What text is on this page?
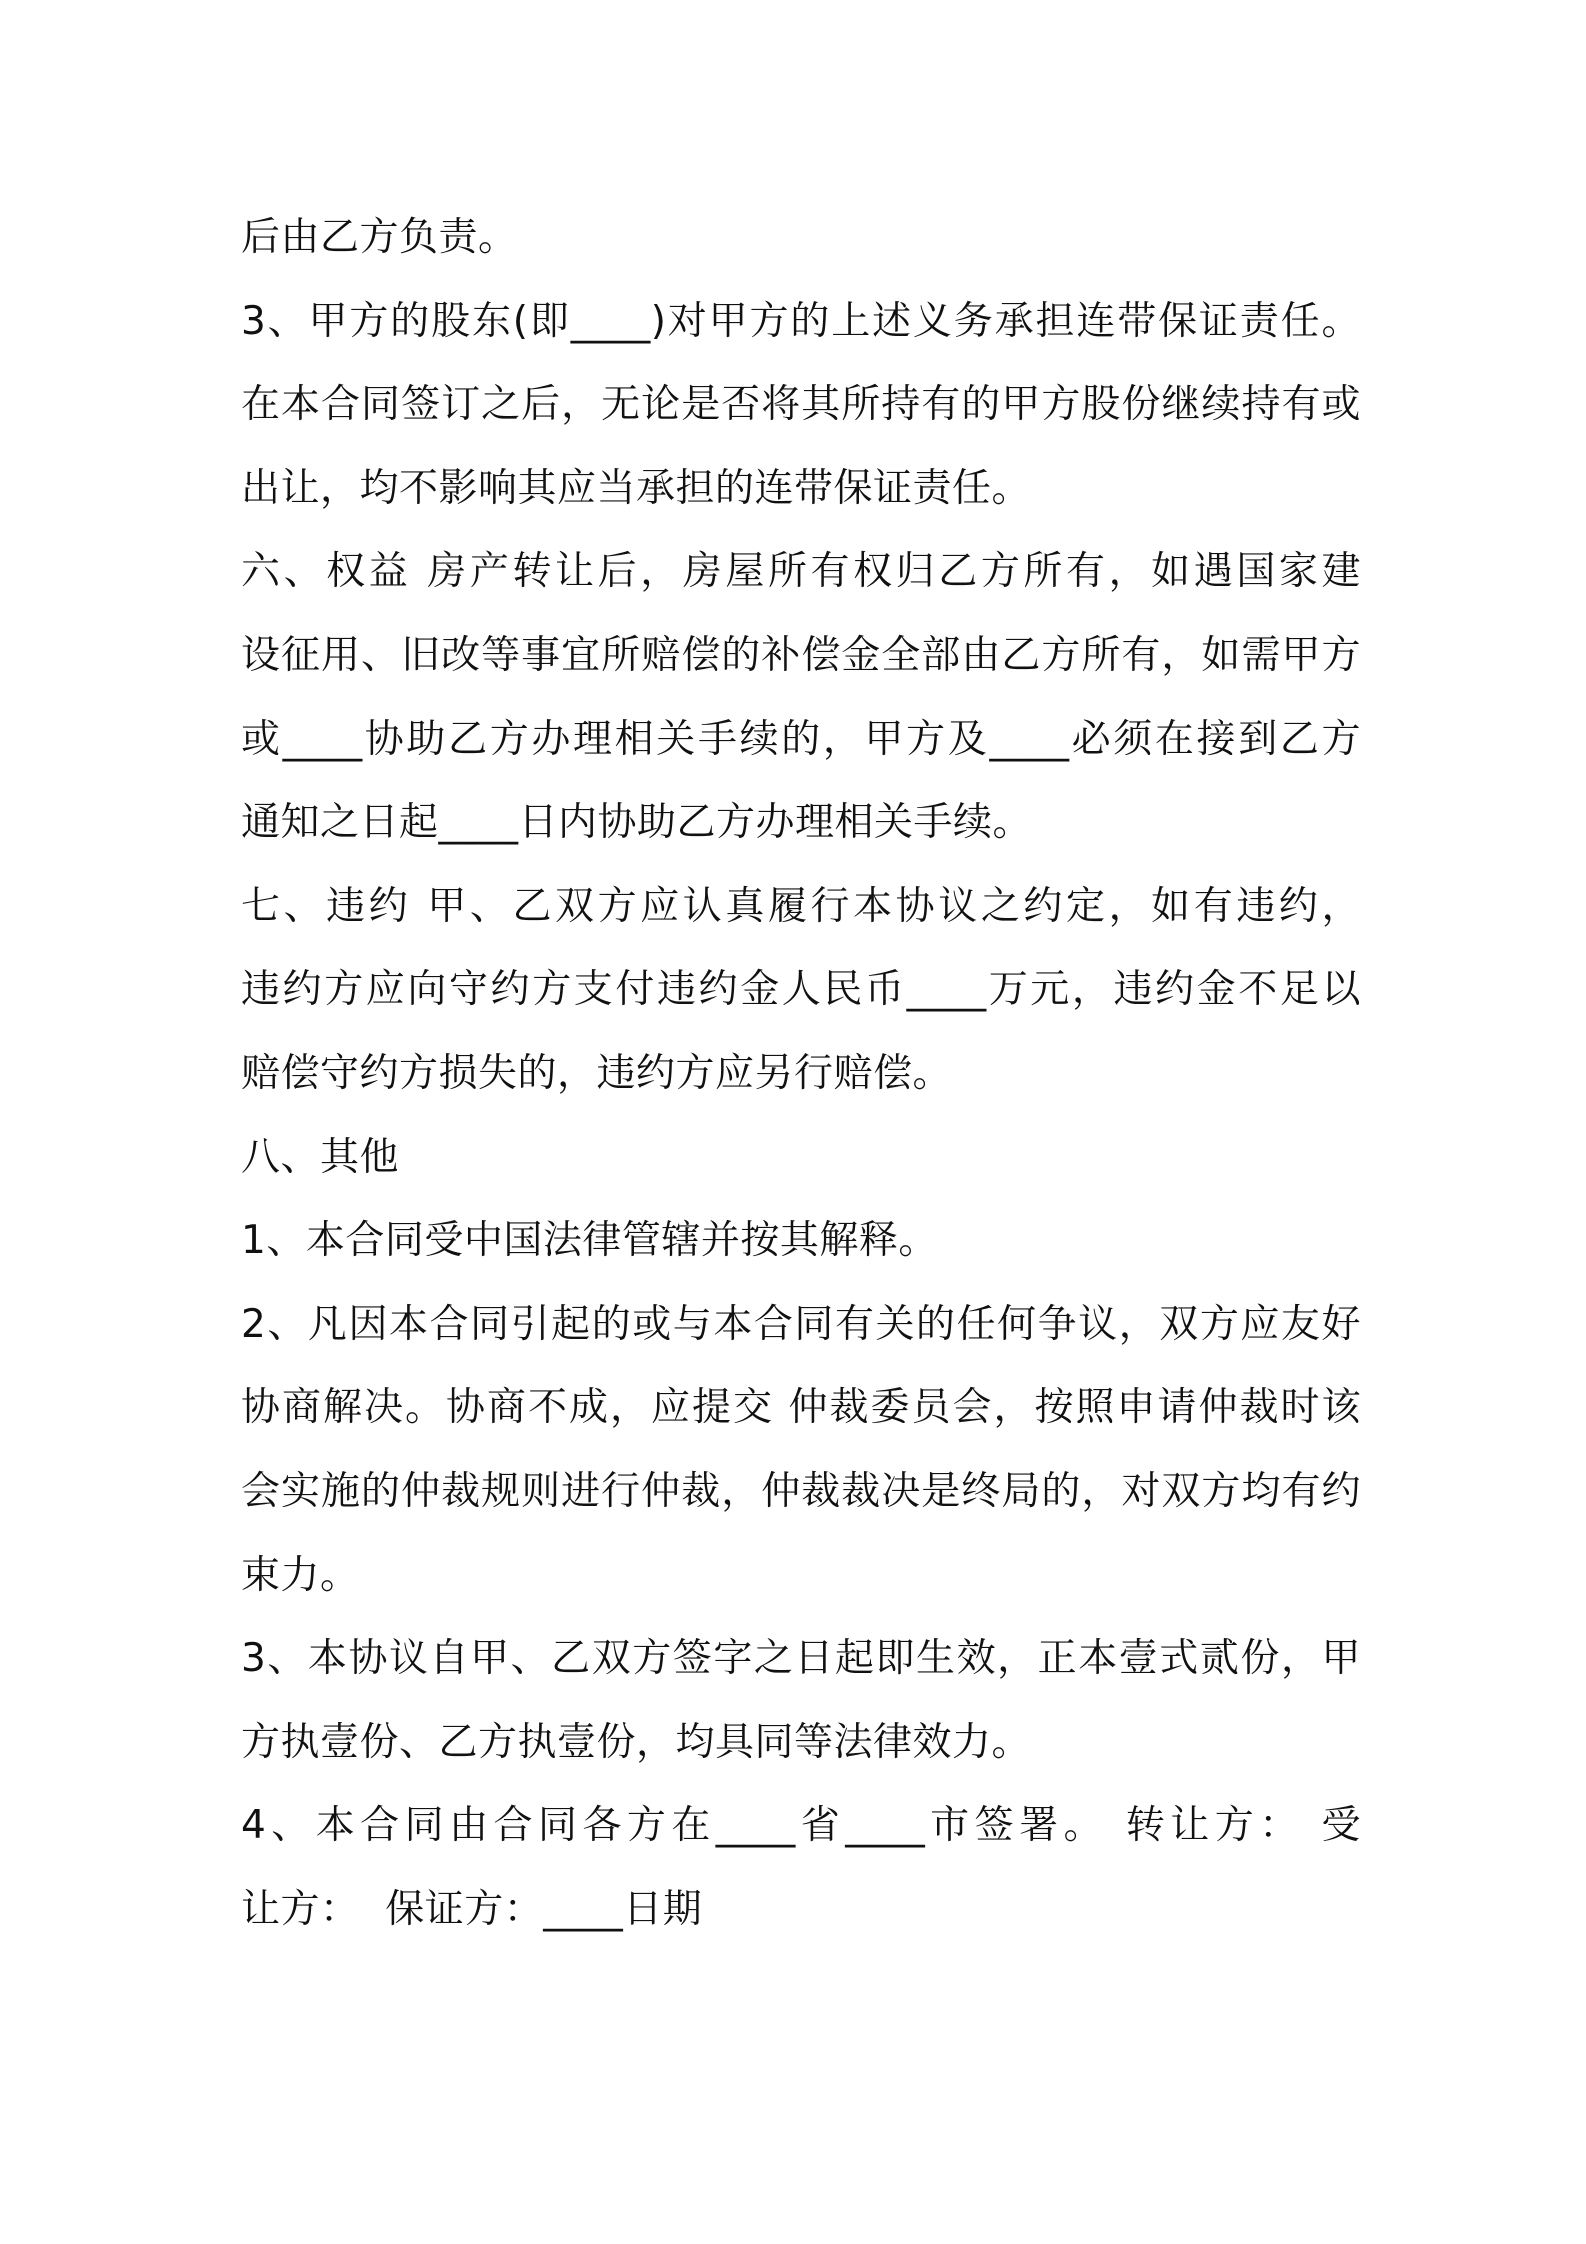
后由乙方负责。
3、甲方的股东(即____)对甲方的上述义务承担连带保证责任。
在本合同签订之后，无论是否将其所持有的甲方股份继续持有或
出让，均不影响其应当承担的连带保证责任。
六、权益 房产转让后，房屋所有权归乙方所有，如遇国家建
设征用、旧改等事宜所赔偿的补偿金全部由乙方所有，如需甲方
或____协助乙方办理相关手续的，甲方及____必须在接到乙方
通知之日起____日内协助乙方办理相关手续。
七、违约 甲、乙双方应认真履行本协议之约定，如有违约，
违约方应向守约方支付违约金人民币____万元，违约金不足以
赔偿守约方损失的，违约方应另行赔偿。
八、其他
1、本合同受中国法律管辖并按其解释。
2、凡因本合同引起的或与本合同有关的任何争议，双方应友好
协商解决。协商不成，应提交 仲裁委员会，按照申请仲裁时该
会实施的仲裁规则进行仲裁，仲裁裁决是终局的，对双方均有约
束力。
3、本协议自甲、乙双方签字之日起即生效，正本壹式贰份，甲
方执壹份、乙方执壹份，均具同等法律效力。
4、本合同由合同各方在____省____市签署。 转让方： 受
让方：  保证方：____日期
